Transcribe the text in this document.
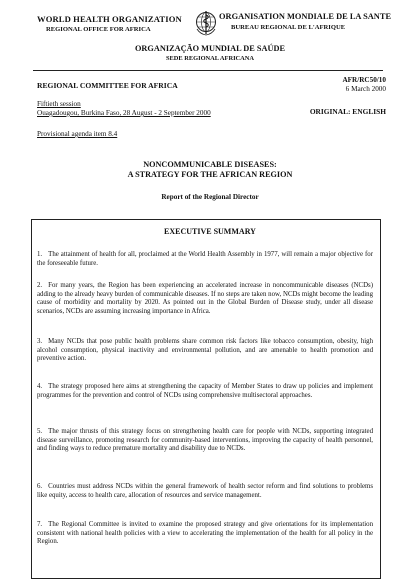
WORLD HEALTH ORGANIZATION
REGIONAL OFFICE FOR AFRICA
ORGANISATION MONDIALE DE LA SANTE
BUREAU REGIONAL DE L'AFRIQUE
ORGANIZAÇÃO MUNDIAL DE SAÚDE
SEDE REGIONAL AFRICANA
REGIONAL COMMITTEE FOR AFRICA
AFR/RC50/10
6 March 2000
Fiftieth session
Ouagadougou, Burkina Faso, 28 August - 2 September 2000	ORIGINAL: ENGLISH
Provisional agenda item 8.4
NONCOMMUNICABLE DISEASES:
A STRATEGY FOR THE AFRICAN REGION
Report of the Regional Director
EXECUTIVE SUMMARY
1. The attainment of health for all, proclaimed at the World Health Assembly in 1977, will remain a major objective for the foreseeable future.
2. For many years, the Region has been experiencing an accelerated increase in noncommunicable diseases (NCDs) adding to the already heavy burden of communicable diseases. If no steps are taken now, NCDs might become the leading cause of morbidity and mortality by 2020. As pointed out in the Global Burden of Disease study, under all disease scenarios, NCDs are assuming increasing importance in Africa.
3. Many NCDs that pose public health problems share common risk factors like tobacco consumption, obesity, high alcohol consumption, physical inactivity and environmental pollution, and are amenable to health promotion and preventive action.
4. The strategy proposed here aims at strengthening the capacity of Member States to draw up policies and implement programmes for the prevention and control of NCDs using comprehensive multisectoral approaches.
5. The major thrusts of this strategy focus on strengthening health care for people with NCDs, supporting integrated disease surveillance, promoting research for community-based interventions, improving the capacity of health personnel, and finding ways to reduce premature mortality and disability due to NCDs.
6. Countries must address NCDs within the general framework of health sector reform and find solutions to problems like equity, access to health care, allocation of resources and service management.
7. The Regional Committee is invited to examine the proposed strategy and give orientations for its implementation consistent with national health policies with a view to accelerating the implementation of the health for all policy in the Region.
